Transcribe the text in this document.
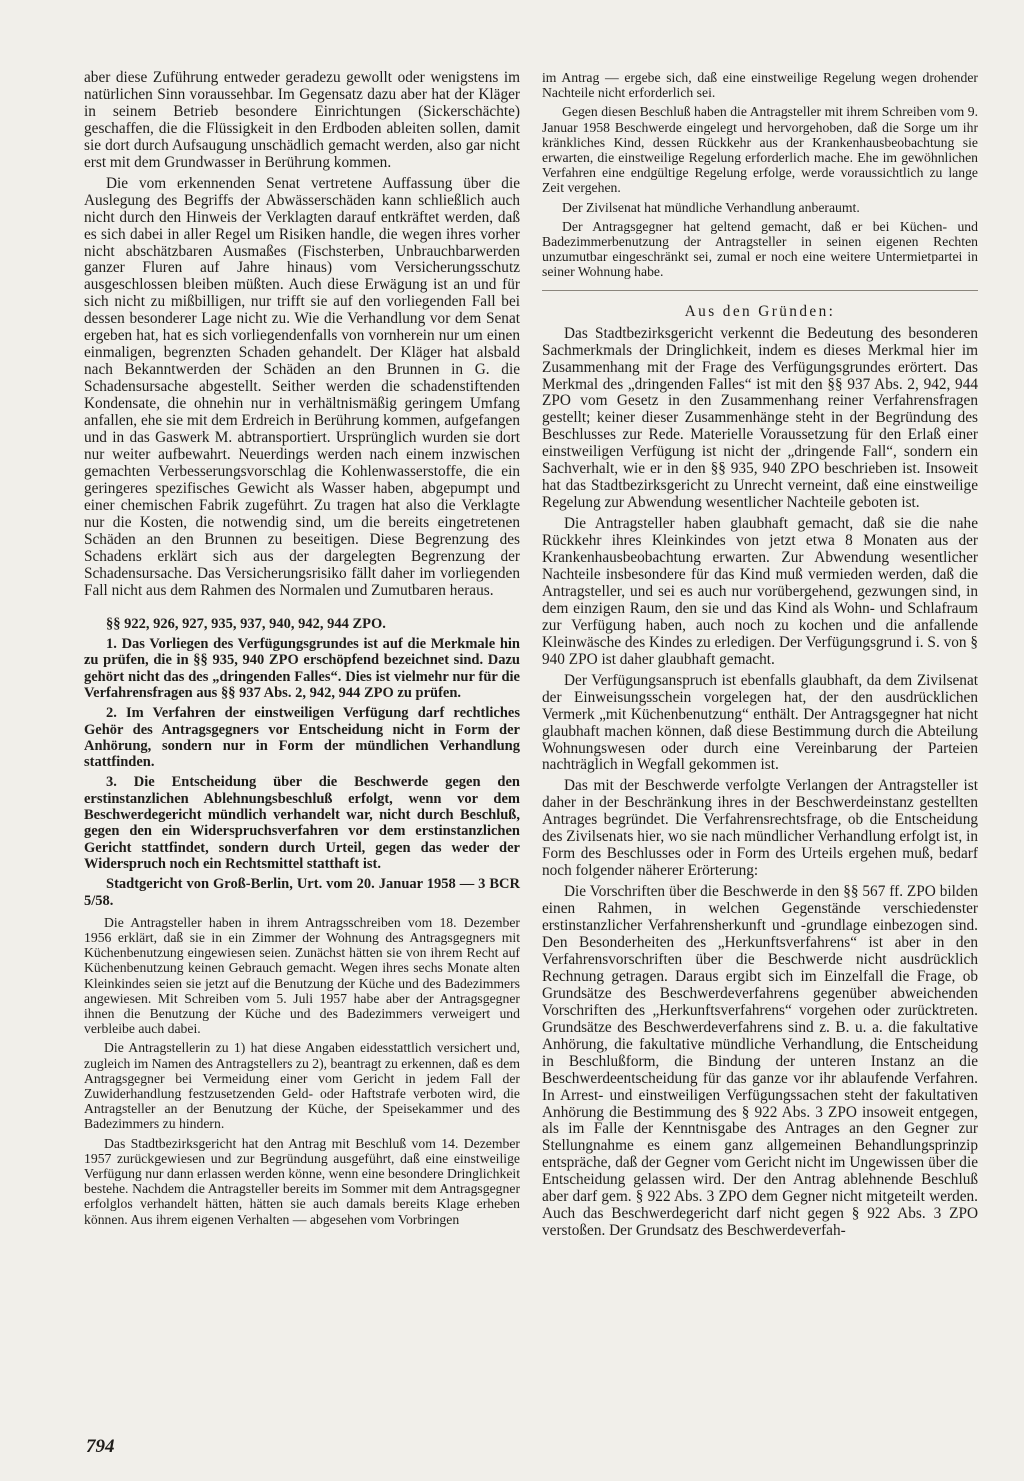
aber diese Zuführung entweder geradezu gewollt oder wenigstens im natürlichen Sinn voraussehbar. Im Gegensatz dazu aber hat der Kläger in seinem Betrieb besondere Einrichtungen (Sickerschächte) geschaffen, die die Flüssigkeit in den Erdboden ableiten sollen, damit sie dort durch Aufsaugung unschädlich gemacht werden, also gar nicht erst mit dem Grundwasser in Berührung kommen.

Die vom erkennenden Senat vertretene Auffassung über die Auslegung des Begriffs der Abwässerschäden kann schließlich auch nicht durch den Hinweis der Verklagten darauf entkräftet werden, daß es sich dabei in aller Regel um Risiken handle, die wegen ihres vorher nicht abschätzbaren Ausmaßes (Fischsterben, Unbrauchbarwerden ganzer Fluren auf Jahre hinaus) vom Versicherungsschutz ausgeschlossen bleiben müßten. Auch diese Erwägung ist an und für sich nicht zu mißbilligen, nur trifft sie auf den vorliegenden Fall bei dessen besonderer Lage nicht zu. Wie die Verhandlung vor dem Senat ergeben hat, hat es sich vorliegendenfalls von vornherein nur um einen einmaligen, begrenzten Schaden gehandelt. Der Kläger hat alsbald nach Bekanntwerden der Schäden an den Brunnen in G. die Schadensursache abgestellt. Seither werden die schadenstiftenden Kondensate, die ohnehin nur in verhältnismäßig geringem Umfang anfallen, ehe sie mit dem Erdreich in Berührung kommen, aufgefangen und in das Gaswerk M. abtransportiert. Ursprünglich wurden sie dort nur weiter aufbewahrt. Neuerdings werden nach einem inzwischen gemachten Verbesserungsvorschlag die Kohlenwasserstoffe, die ein geringeres spezifisches Gewicht als Wasser haben, abgepumpt und einer chemischen Fabrik zugeführt. Zu tragen hat also die Verklagte nur die Kosten, die notwendig sind, um die bereits eingetretenen Schäden an den Brunnen zu beseitigen. Diese Begrenzung des Schadens erklärt sich aus der dargelegten Begrenzung der Schadensursache. Das Versicherungsrisiko fällt daher im vorliegenden Fall nicht aus dem Rahmen des Normalen und Zumutbaren heraus.

§§ 922, 926, 927, 935, 937, 940, 942, 944 ZPO.

1. Das Vorliegen des Verfügungsgrundes ist auf die Merkmale hin zu prüfen, die in §§ 935, 940 ZPO erschöpfend bezeichnet sind. Dazu gehört nicht das des „dringenden Falles“. Dies ist vielmehr nur für die Verfahrensfragen aus §§ 937 Abs. 2, 942, 944 ZPO zu prüfen.

2. Im Verfahren der einstweiligen Verfügung darf rechtliches Gehör des Antragsgegners vor Entscheidung nicht in Form der Anhörung, sondern nur in Form der mündlichen Verhandlung stattfinden.

3. Die Entscheidung über die Beschwerde gegen den erstinstanzlichen Ablehnungsbeschluß erfolgt, wenn vor dem Beschwerdegericht mündlich verhandelt war, nicht durch Beschluß, gegen den ein Widerspruchsverfahren vor dem erstinstanzlichen Gericht stattfindet, sondern durch Urteil, gegen das weder der Widerspruch noch ein Rechtsmittel statthaft ist.

Stadtgericht von Groß-Berlin, Urt. vom 20. Januar 1958 — 3 BCR 5/58.

Die Antragsteller haben in ihrem Antragsschreiben vom 18. Dezember 1956 erklärt, daß sie in ein Zimmer der Wohnung des Antragsgegners mit Küchenbenutzung eingewiesen seien. Zunächst hätten sie von ihrem Recht auf Küchenbenutzung keinen Gebrauch gemacht. Wegen ihres sechs Monate alten Kleinkindes seien sie jetzt auf die Benutzung der Küche und des Badezimmers angewiesen. Mit Schreiben vom 5. Juli 1957 habe aber der Antragsgegner ihnen die Benutzung der Küche und des Badezimmers verweigert und verbleibe auch dabei.

Die Antragstellerin zu 1) hat diese Angaben eidesstattlich versichert und, zugleich im Namen des Antragstellers zu 2), beantragt zu erkennen, daß es dem Antragsgegner bei Vermeidung einer vom Gericht in jedem Fall der Zuwiderhandlung festzusetzenden Geld- oder Haftstrafe verboten wird, die Antragsteller an der Benutzung der Küche, der Speisekammer und des Badezimmers zu hindern.

Das Stadtbezirksgericht hat den Antrag mit Beschluß vom 14. Dezember 1957 zurückgewiesen und zur Begründung ausgeführt, daß eine einstweilige Verfügung nur dann erlassen werden könne, wenn eine besondere Dringlichkeit bestehe. Nachdem die Antragsteller bereits im Sommer mit dem Antragsgegner erfolglos verhandelt hätten, hätten sie auch damals bereits Klage erheben können. Aus ihrem eigenen Verhalten — abgesehen vom Vorbringen

im Antrag — ergebe sich, daß eine einstweilige Regelung wegen drohender Nachteile nicht erforderlich sei.

Gegen diesen Beschluß haben die Antragsteller mit ihrem Schreiben vom 9. Januar 1958 Beschwerde eingelegt und hervorgehoben, daß die Sorge um ihr kränkliches Kind, dessen Rückkehr aus der Krankenhausbeobachtung sie erwarten, die einstweilige Regelung erforderlich mache. Ehe im gewöhnlichen Verfahren eine endgültige Regelung erfolge, werde voraussichtlich zu lange Zeit vergehen.

Der Zivilsenat hat mündliche Verhandlung anberaumt.

Der Antragsgegner hat geltend gemacht, daß er bei Küchen- und Badezimmerbenutzung der Antragsteller in seinen eigenen Rechten unzumutbar eingeschränkt sei, zumal er noch eine weitere Untermietpartei in seiner Wohnung habe.

Aus den Gründen:

Das Stadtbezirksgericht verkennt die Bedeutung des besonderen Sachmerkmals der Dringlichkeit, indem es dieses Merkmal hier im Zusammenhang mit der Frage des Verfügungsgrundes erörtert. Das Merkmal des „dringenden Falles“ ist mit den §§ 937 Abs. 2, 942, 944 ZPO vom Gesetz in den Zusammenhang reiner Verfahrensfragen gestellt; keiner dieser Zusammenhänge steht in der Begründung des Beschlusses zur Rede. Materielle Voraussetzung für den Erlaß einer einstweiligen Verfügung ist nicht der „dringende Fall“, sondern ein Sachverhalt, wie er in den §§ 935, 940 ZPO beschrieben ist. Insoweit hat das Stadtbezirksgericht zu Unrecht verneint, daß eine einstweilige Regelung zur Abwendung wesentlicher Nachteile geboten ist.

Die Antragsteller haben glaubhaft gemacht, daß sie die nahe Rückkehr ihres Kleinkindes von jetzt etwa 8 Monaten aus der Krankenhausbeobachtung erwarten. Zur Abwendung wesentlicher Nachteile insbesondere für das Kind muß vermieden werden, daß die Antragsteller, und sei es auch nur vorübergehend, gezwungen sind, in dem einzigen Raum, den sie und das Kind als Wohn- und Schlafraum zur Verfügung haben, auch noch zu kochen und die anfallende Kleinwäsche des Kindes zu erledigen. Der Verfügungsgrund i. S. von § 940 ZPO ist daher glaubhaft gemacht.

Der Verfügungsanspruch ist ebenfalls glaubhaft, da dem Zivilsenat der Einweisungsschein vorgelegen hat, der den ausdrücklichen Vermerk „mit Küchenbenutzung“ enthält. Der Antragsgegner hat nicht glaubhaft machen können, daß diese Bestimmung durch die Abteilung Wohnungswesen oder durch eine Vereinbarung der Parteien nachträglich in Wegfall gekommen ist.

Das mit der Beschwerde verfolgte Verlangen der Antragsteller ist daher in der Beschränkung ihres in der Beschwerdeinstanz gestellten Antrages begründet. Die Verfahrensrechtsfrage, ob die Entscheidung des Zivilsenats hier, wo sie nach mündlicher Verhandlung erfolgt ist, in Form des Beschlusses oder in Form des Urteils ergehen muß, bedarf noch folgender näherer Erörterung:

Die Vorschriften über die Beschwerde in den §§ 567 ff. ZPO bilden einen Rahmen, in welchen Gegenstände verschiedenster erstinstanzlicher Verfahrensherkunft und -grundlage einbezogen sind. Den Besonderheiten des „Herkunftsverfahrens“ ist aber in den Verfahrensvorschriften über die Beschwerde nicht ausdrücklich Rechnung getragen. Daraus ergibt sich im Einzelfall die Frage, ob Grundsätze des Beschwerdeverfahrens gegenüber abweichenden Vorschriften des „Herkunftsverfahrens“ vorgehen oder zurücktreten. Grundsätze des Beschwerdeverfahrens sind z. B. u. a. die fakultative Anhörung, die fakultative mündliche Verhandlung, die Entscheidung in Beschlußform, die Bindung der unteren Instanz an die Beschwerdeentscheidung für das ganze vor ihr ablaufende Verfahren. In Arrest- und einstweiligen Verfügungssachen steht der fakultativen Anhörung die Bestimmung des § 922 Abs. 3 ZPO insoweit entgegen, als im Falle der Kenntnisgabe des Antrages an den Gegner zur Stellungnahme es einem ganz allgemeinen Behandlungsprinzip entspräche, daß der Gegner vom Gericht nicht im Ungewissen über die Entscheidung gelassen wird. Der den Antrag ablehnende Beschluß aber darf gem. § 922 Abs. 3 ZPO dem Gegner nicht mitgeteilt werden. Auch das Beschwerdegericht darf nicht gegen § 922 Abs. 3 ZPO verstoßen. Der Grundsatz des Beschwerdeverfah-

794
